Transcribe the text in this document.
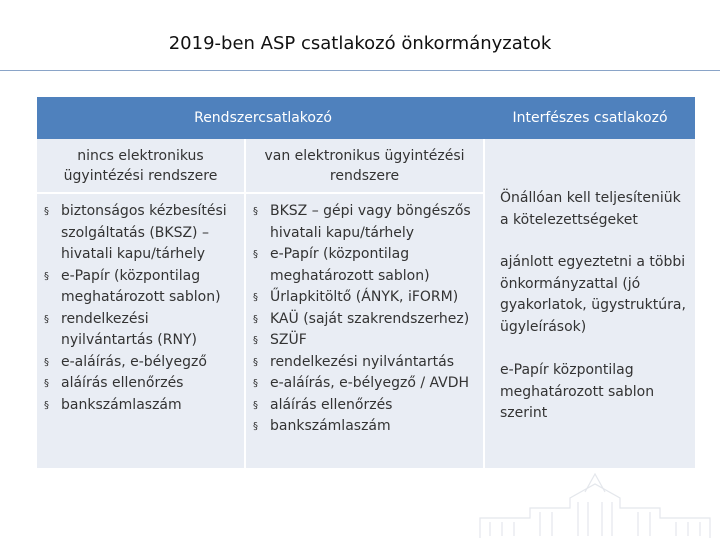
2019-ben ASP csatlakozó önkormányzatok
Rendszercsatlakozó	Interfészes csatlakozó
nincs elektronikus ügyintézési rendszere
van elektronikus ügyintézési rendszere
§ biztonságos kézbesítési szolgáltatás (BKSZ) – hivatali kapu/tárhely
§ e-Papír (központilag meghatározott sablon)
§ rendelkezési nyilvántartás (RNY)
§ e-aláírás, e-bélyegző
§ aláírás ellenőrzés
§ bankszámlaszám
§ BKSZ – gépi vagy böngészős hivatali kapu/tárhely
§ e-Papír (központilag meghatározott sablon)
§ Űrlapkitöltő (ÁNYK, iFORM)
§ KAÜ (saját szakrendszerhez)
§ SZÜF
§ rendelkezési nyilvántartás
§ e-aláírás, e-bélyegző / AVDH
§ aláírás ellenőrzés
§ bankszámlaszám
Önállóan kell teljesíteniük a kötelezettségeket
ajánlott egyeztetni a többi önkormányzattal (jó gyakorlatok, ügystruktúra, ügyleírások)
e-Papír központilag meghatározott sablon szerint
